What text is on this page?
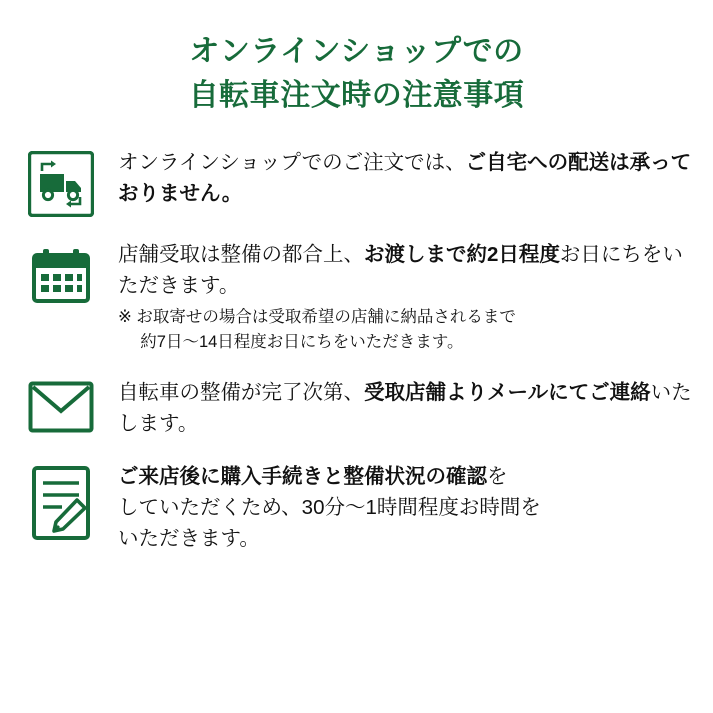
オンラインショップでの
自転車注文時の注意事項
オンラインショップでのご注文では、ご自宅への配送は承っておりません。
店舗受取は整備の都合上、お渡しまで約2日程度お日にちをいただきます。
※ お取寄せの場合は受取希望の店舗に納品されるまで
約7日〜14日程度お日にちをいただきます。
自転車の整備が完了次第、受取店舗よりメールにてご連絡いたします。
ご来店後に購入手続きと整備状況の確認を
していただくため、30分〜1時間程度お時間を
いただきます。
